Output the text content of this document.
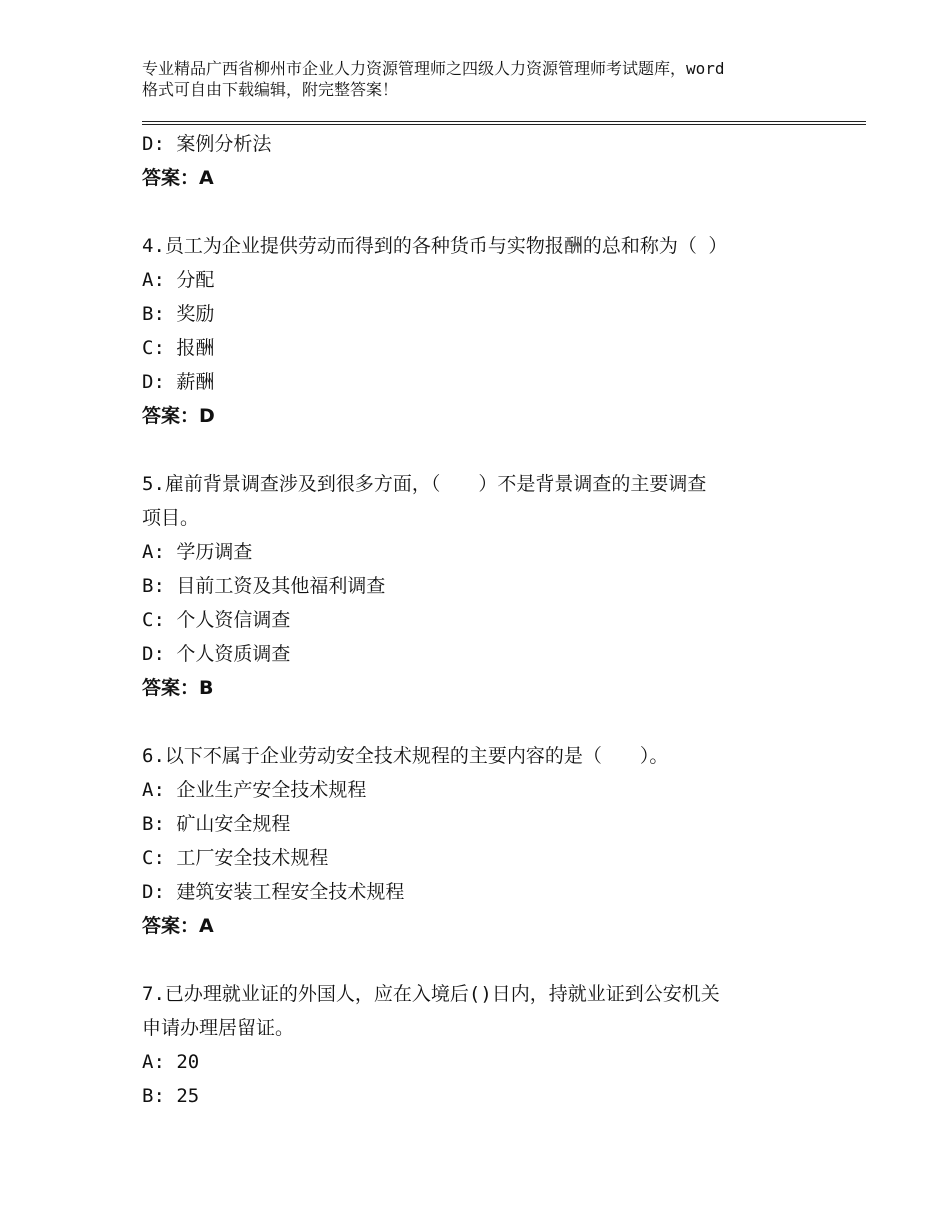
专业精品广西省柳州市企业人力资源管理师之四级人力资源管理师考试题库，word
格式可自由下载编辑，附完整答案！
D: 案例分析法
答案：A
4.员工为企业提供劳动而得到的各种货币与实物报酬的总和称为（ ）
A: 分配
B: 奖励
C: 报酬
D: 薪酬
答案：D
5.雇前背景调查涉及到很多方面，（　　）不是背景调查的主要调查
项目。
A: 学历调查
B: 目前工资及其他福利调查
C: 个人资信调查
D: 个人资质调查
答案：B
6.以下不属于企业劳动安全技术规程的主要内容的是（　　）。
A: 企业生产安全技术规程
B: 矿山安全规程
C: 工厂安全技术规程
D: 建筑安装工程安全技术规程
答案：A
7.已办理就业证的外国人，应在入境后()日内，持就业证到公安机关
申请办理居留证。
A: 20
B: 25
